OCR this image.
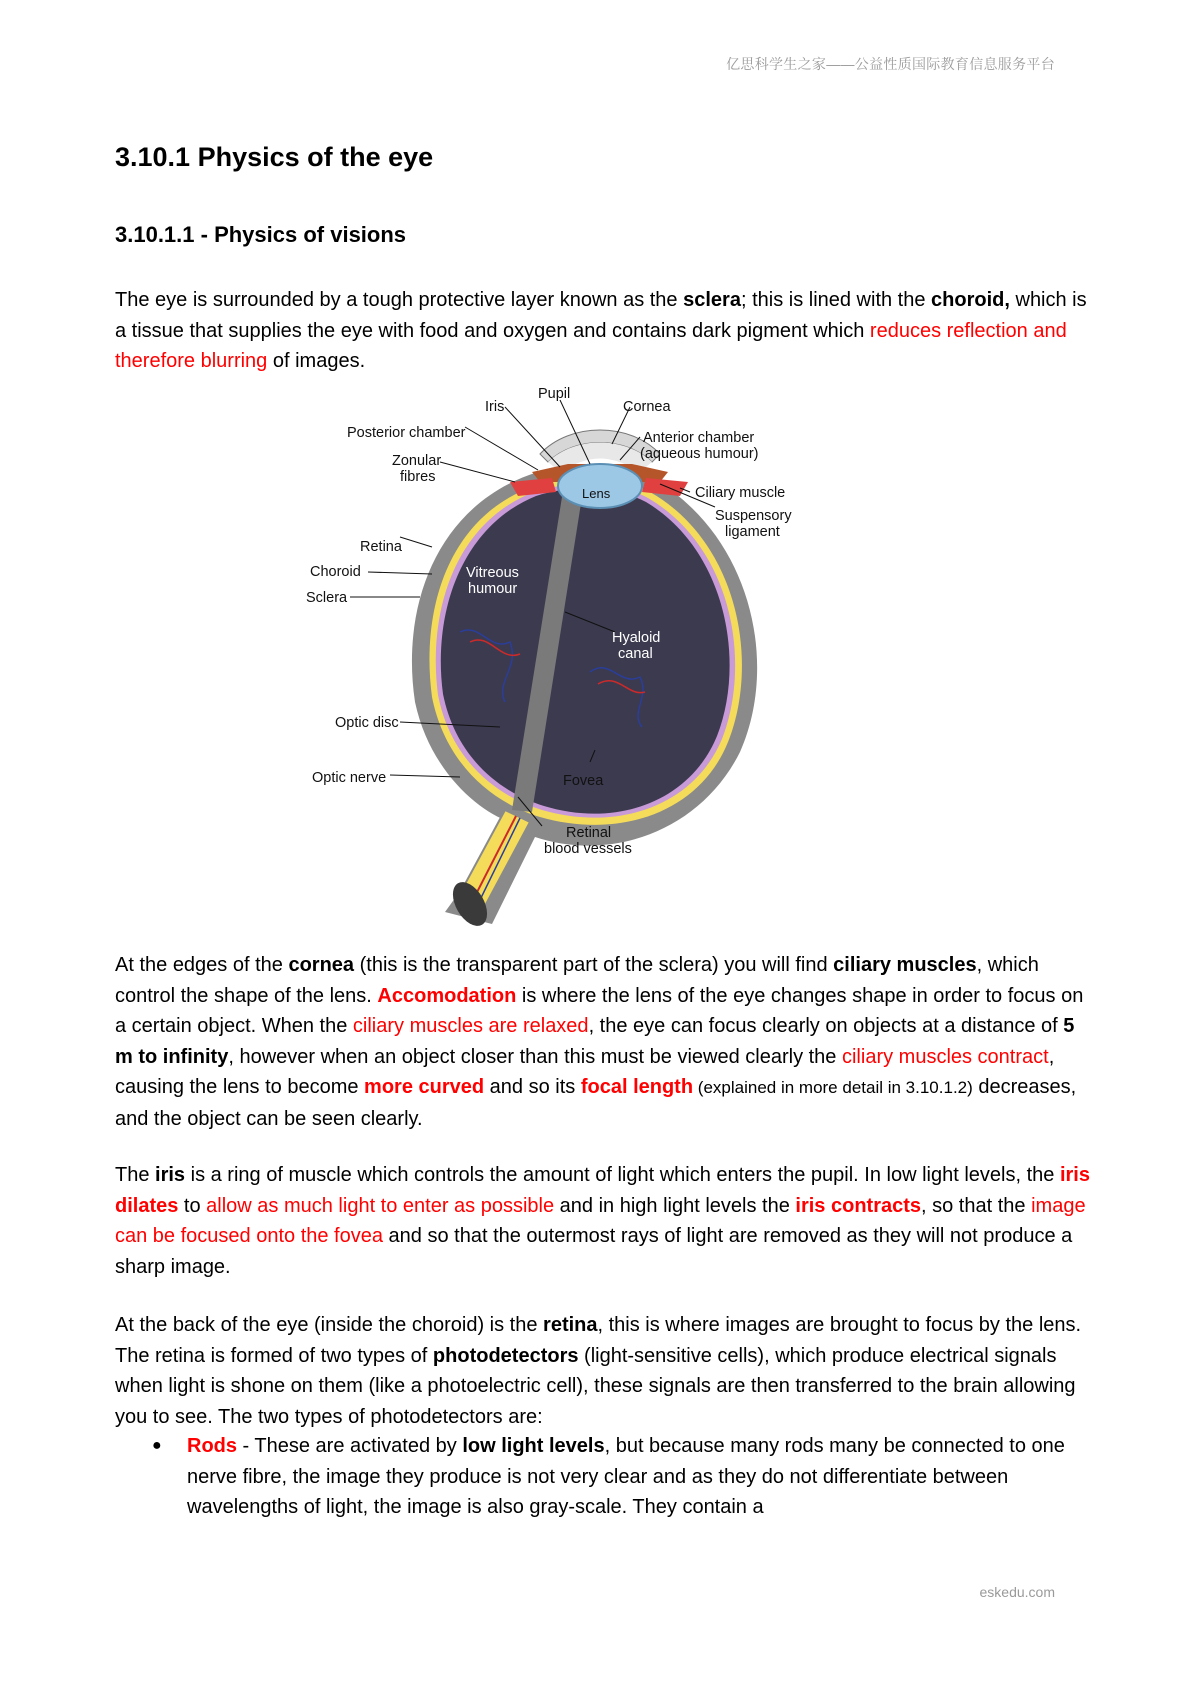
亿思科学生之家——公益性质国际教育信息服务平台
3.10.1 Physics of the eye
3.10.1.1 - Physics of visions

The eye is surrounded by a tough protective layer known as the sclera; this is lined with the choroid, which is a tissue that supplies the eye with food and oxygen and contains dark pigment which reduces reflection and therefore blurring of images.

Pupil
Iris	Cornea
Posterior chamber	Anterior chamber
(aqueous humour)
Zonular
fibres
Lens	Ciliary muscle
Suspensory
ligament
Retina
Choroid
Sclera
Vitreous
humour
Hyaloid
canal
Optic disc
Optic nerve	Fovea
Retinal
blood vessels

At the edges of the cornea (this is the transparent part of the sclera) you will find ciliary muscles, which control the shape of the lens. Accomodation is where the lens of the eye changes shape in order to focus on a certain object. When the ciliary muscles are relaxed, the eye can focus clearly on objects at a distance of 5 m to infinity, however when an object closer than this must be viewed clearly the ciliary muscles contract, causing the lens to become more curved and so its focal length (explained in more detail in 3.10.1.2) decreases, and the object can be seen clearly.

The iris is a ring of muscle which controls the amount of light which enters the pupil. In low light levels, the iris dilates to allow as much light to enter as possible and in high light levels the iris contracts, so that the image can be focused onto the fovea and so that the outermost rays of light are removed as they will not produce a sharp image.

At the back of the eye (inside the choroid) is the retina, this is where images are brought to focus by the lens. The retina is formed of two types of photodetectors (light-sensitive cells), which produce electrical signals when light is shone on them (like a photoelectric cell), these signals are then transferred to the brain allowing you to see. The two types of photodetectors are:

● Rods - These are activated by low light levels, but because many rods many be connected to one nerve fibre, the image they produce is not very clear and as they do not differentiate between wavelengths of light, the image is also gray-scale. They contain a
eskedu.com
